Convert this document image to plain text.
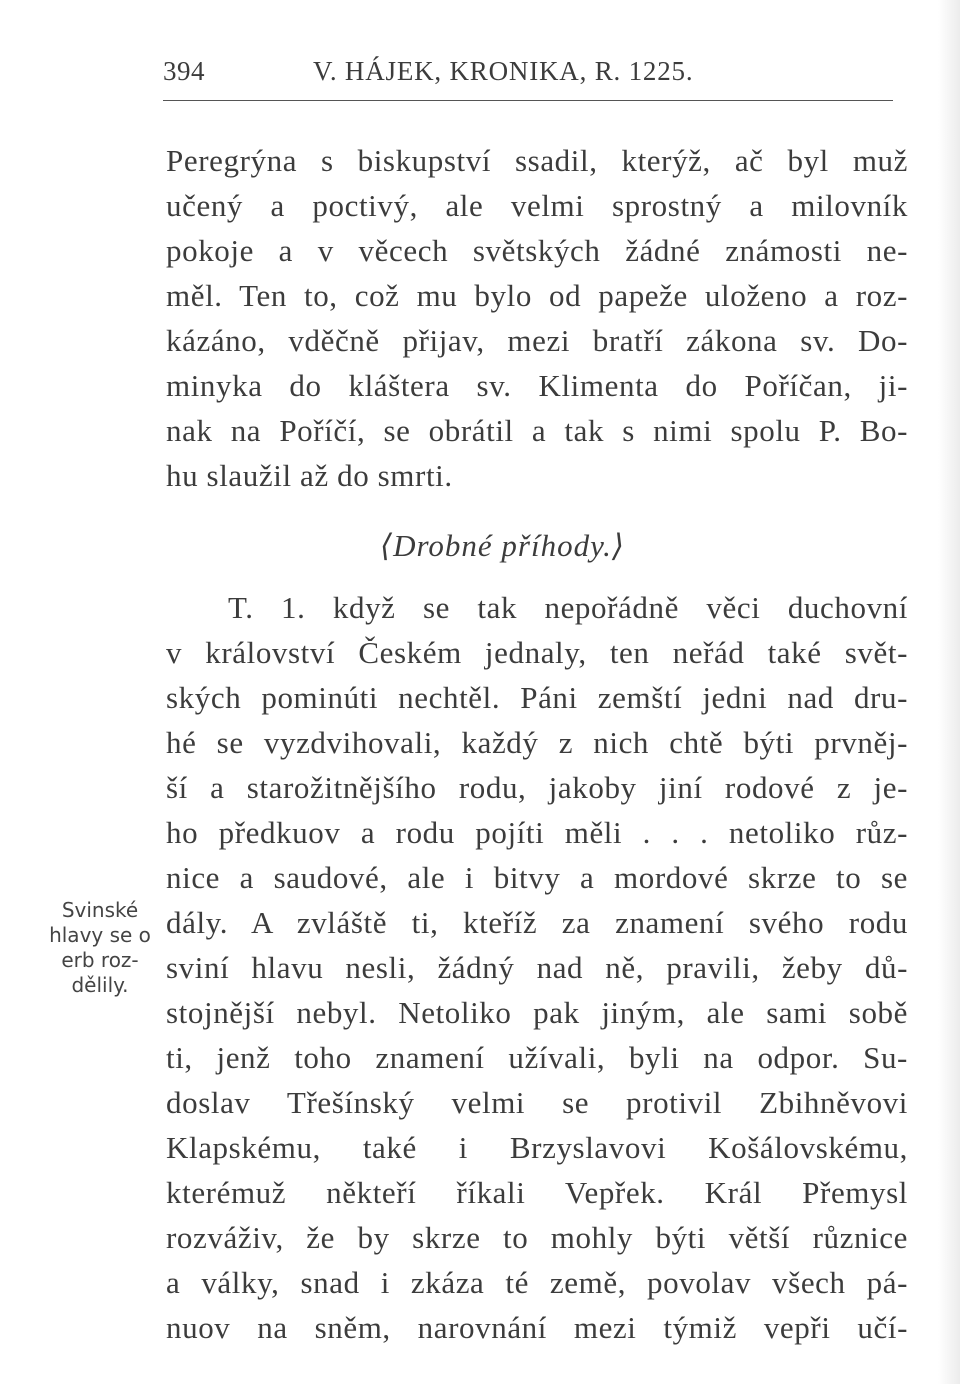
394	V. HÁJEK, KRONIKA, R. 1225.
Peregrýna s biskupství ssadil, kterýž, ač byl muž
učený a poctivý, ale velmi sprostný a milovník
pokoje a v věcech světských žádné známosti ne-
měl. Ten to, což mu bylo od papeže uloženo a roz-
kázáno, vděčně přijav, mezi bratří zákona sv. Do-
minyka do kláštera sv. Klimenta do Poříčan, ji-
nak na Poříčí, se obrátil a tak s nimi spolu P. Bo-
hu slaužil až do smrti.
⟨Drobné příhody.⟩
T. 1. když se tak nepořádně věci duchovní
v království Českém jednaly, ten neřád také svět-
ských pominúti nechtěl. Páni zemští jedni nad dru-
hé se vyzdvihovali, každý z nich chtě býti prvněj-
ší a starožitnějšího rodu, jakoby jiní rodové z je-
ho předkuov a rodu pojíti měli . . . netoliko růz-
nice a saudové, ale i bitvy a mordové skrze to se
dály. A zvláště ti, kteříž za znamení svého rodu
sviní hlavu nesli, žádný nad ně, pravili, žeby dů-
stojnější nebyl. Netoliko pak jiným, ale sami sobě
ti, jenž toho znamení užívali, byli na odpor. Su-
doslav Třešínský velmi se protivil Zbihněvovi
Klapskému, také i Brzyslavovi Košálovskému,
kterémuž někteří říkali Vepřek. Král Přemysl
rozváživ, že by skrze to mohly býti větší různice
a války, snad i zkáza té země, povolav všech pá-
nuov na sněm, narovnání mezi týmiž vepři učí-
Svinské
hlavy se o
erb roz-
dělily.
